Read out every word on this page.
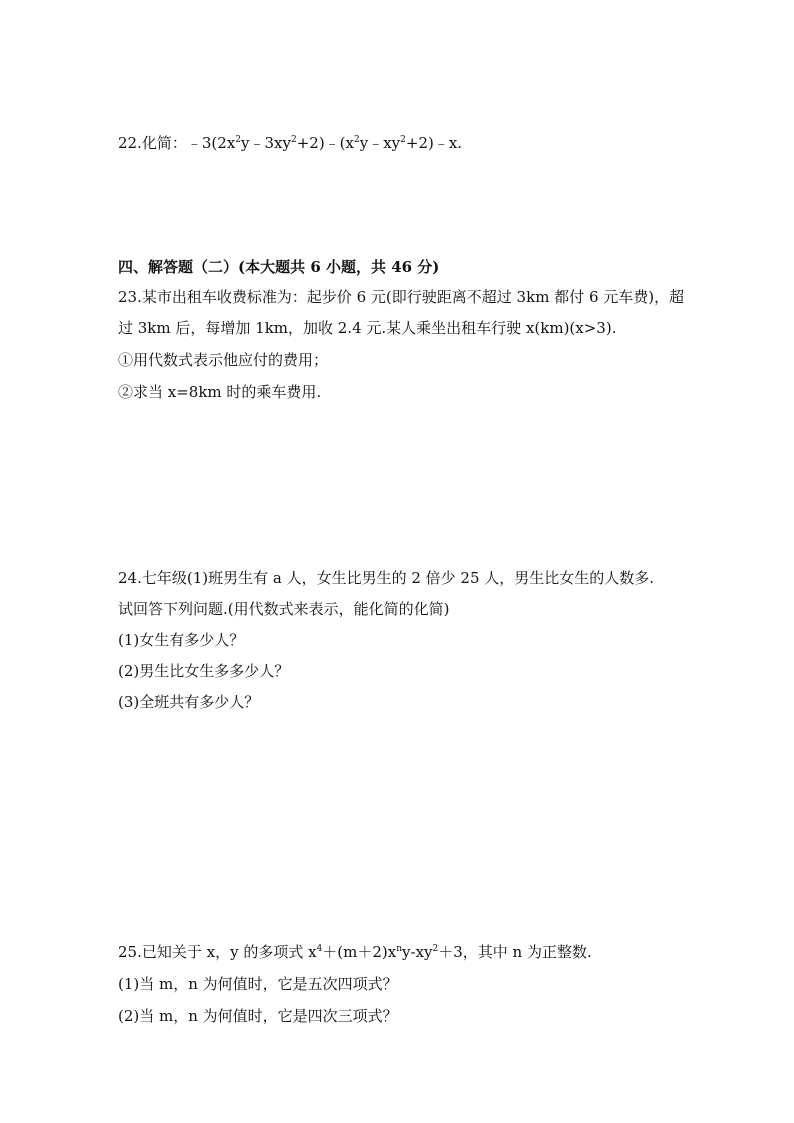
22.化简：$﹣3(2x^2y﹣3xy^2+2)﹣(x^2y﹣xy^2+2)﹣x$.
四、解答题（二）(本大题共 6 小题，共 46 分)
23.某市出租车收费标准为：起步价 6 元(即行驶距离不超过 3km 都付 6 元车费)，超
过 3km 后，每增加 1km，加收 2.4 元.某人乘坐出租车行驶 x(km)(x>3).
①用代数式表示他应付的费用；
②求当 x=8km 时的乘车费用.
24.七年级(1)班男生有 a 人，女生比男生的 2 倍少 25 人，男生比女生的人数多.
试回答下列问题.(用代数式来表示，能化简的化简)
(1)女生有多少人？
(2)男生比女生多多少人？
(3)全班共有多少人？
25.已知关于 x，y 的多项式 $x^4+(m+2)x^ny-xy^2+3$，其中 n 为正整数.
(1)当 m，n 为何值时，它是五次四项式？
(2)当 m，n 为何值时，它是四次三项式？
